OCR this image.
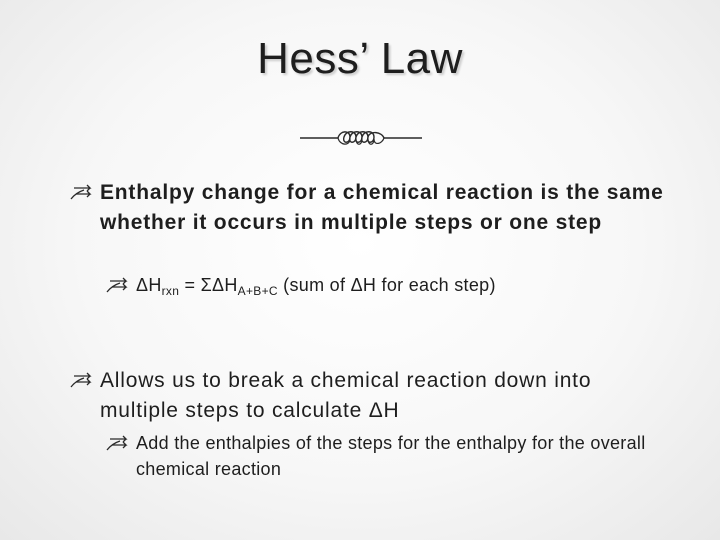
Hess’ Law
Enthalpy change for a chemical reaction is the same whether it occurs in multiple steps or one step
$\Delta H_{rxn} = \Sigma\Delta H_{A+B+C}$ (sum of ΔH for each step)
Allows us to break a chemical reaction down into multiple steps to calculate ΔH
Add the enthalpies of the steps for the enthalpy for the overall chemical reaction
